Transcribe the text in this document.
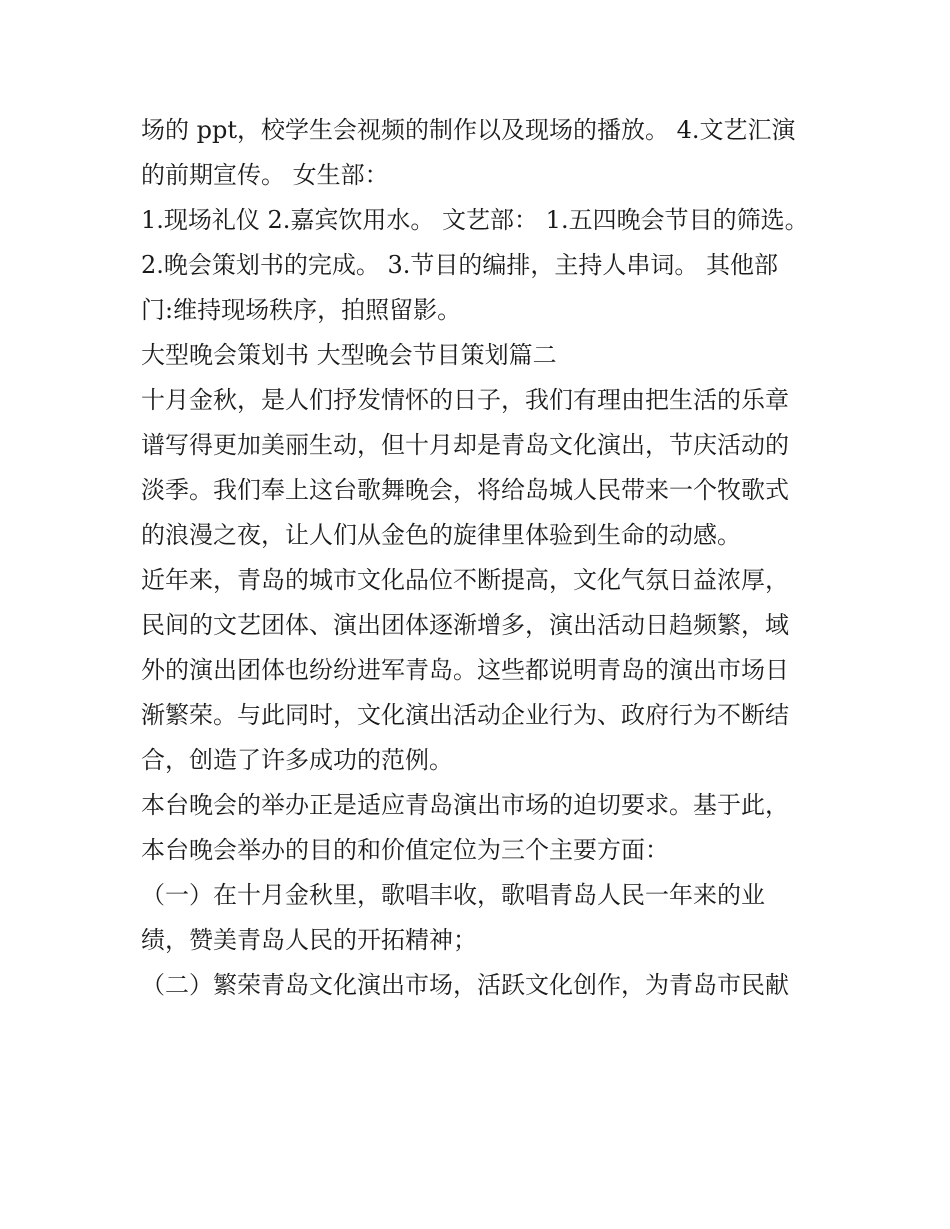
场的 ppt，校学生会视频的制作以及现场的播放。 4.文艺汇演
的前期宣传。 女生部：
1.现场礼仪 2.嘉宾饮用水。 文艺部： 1.五四晚会节目的筛选。
2.晚会策划书的完成。 3.节目的编排，主持人串词。 其他部
门:维持现场秩序，拍照留影。
大型晚会策划书 大型晚会节目策划篇二
十月金秋，是人们抒发情怀的日子，我们有理由把生活的乐章
谱写得更加美丽生动，但十月却是青岛文化演出，节庆活动的
淡季。我们奉上这台歌舞晚会，将给岛城人民带来一个牧歌式
的浪漫之夜，让人们从金色的旋律里体验到生命的动感。
近年来，青岛的城市文化品位不断提高，文化气氛日益浓厚，
民间的文艺团体、演出团体逐渐增多，演出活动日趋频繁，域
外的演出团体也纷纷进军青岛。这些都说明青岛的演出市场日
渐繁荣。与此同时，文化演出活动企业行为、政府行为不断结
合，创造了许多成功的范例。
本台晚会的举办正是适应青岛演出市场的迫切要求。基于此，
本台晚会举办的目的和价值定位为三个主要方面：
（一）在十月金秋里，歌唱丰收，歌唱青岛人民一年来的业
绩，赞美青岛人民的开拓精神；
（二）繁荣青岛文化演出市场，活跃文化创作，为青岛市民献
